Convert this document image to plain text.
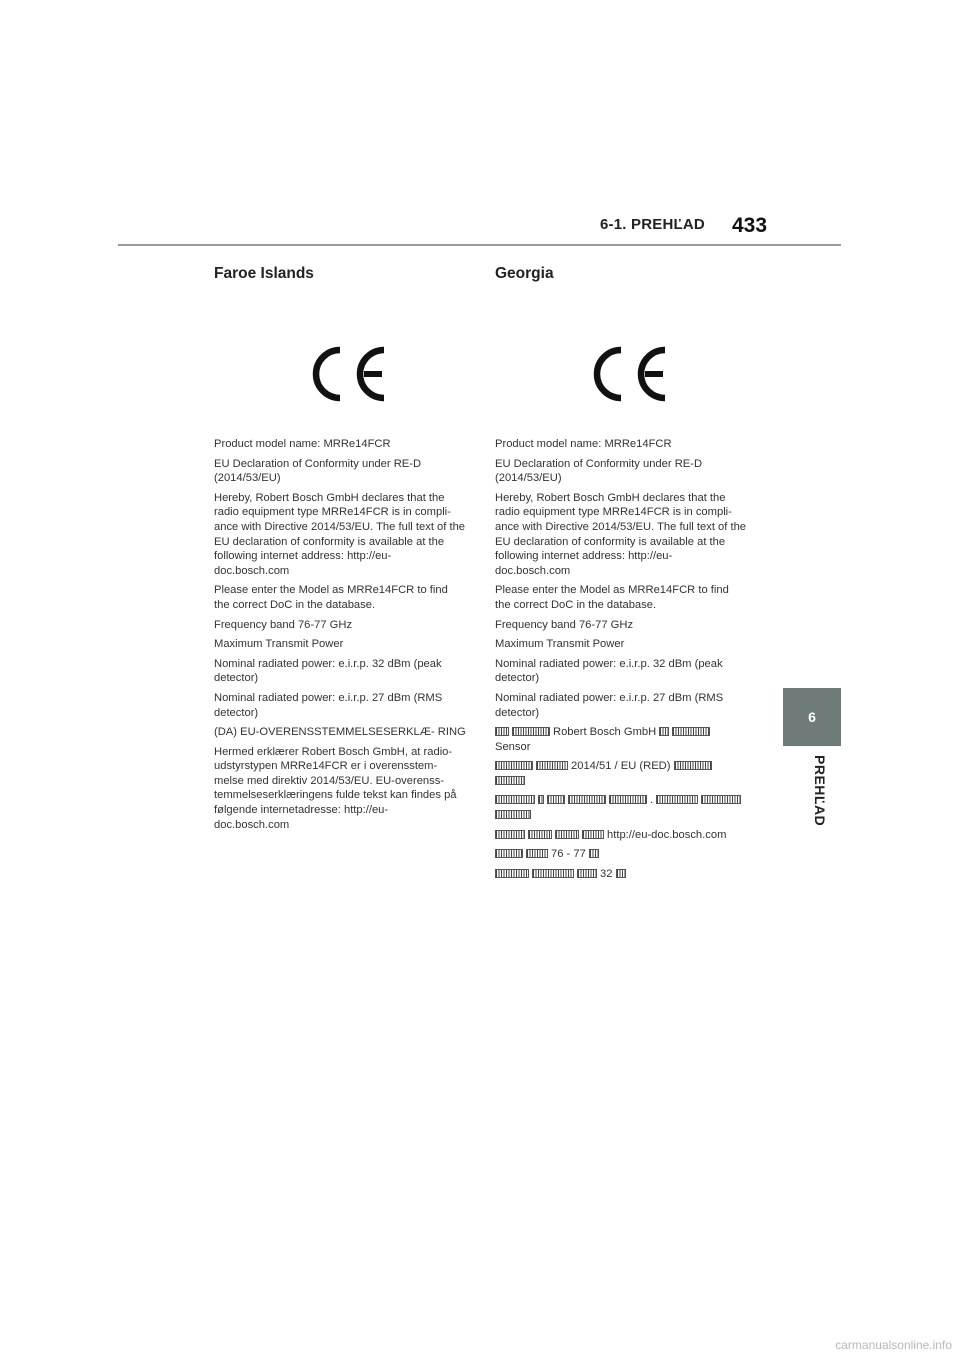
6-1. PREHĽAD 433
6
PREHĽAD
Faroe Islands

Product model name: MRRe14FCR

EU Declaration of Conformity under RE-D (2014/53/EU)

Hereby, Robert Bosch GmbH declares that the radio equipment type MRRe14FCR is in compli- ance with Directive 2014/53/EU. The full text of the EU declaration of conformity is available at the following internet address: http://eu- doc.bosch.com

Please enter the Model as MRRe14FCR to find the correct DoC in the database.

Frequency band 76-77 GHz

Maximum Transmit Power

Nominal radiated power: e.i.r.p. 32 dBm (peak detector)

Nominal radiated power: e.i.r.p. 27 dBm (RMS detector)

(DA) EU-OVERENSSTEMMELSESERKLÆ- RING

Hermed erklærer Robert Bosch GmbH, at radio- udstyrstypen MRRe14FCR er i overensstem- melse med direktiv 2014/53/EU. EU-overenss- temmelseserklæringens fulde tekst kan findes på følgende internetadresse: http://eu- doc.bosch.com

Georgia

Product model name: MRRe14FCR

EU Declaration of Conformity under RE-D (2014/53/EU)

Hereby, Robert Bosch GmbH declares that the radio equipment type MRRe14FCR is in compli- ance with Directive 2014/53/EU. The full text of the EU declaration of conformity is available at the following internet address: http://eu- doc.bosch.com

Please enter the Model as MRRe14FCR to find the correct DoC in the database.

Frequency band 76-77 GHz

Maximum Transmit Power

Nominal radiated power: e.i.r.p. 32 dBm (peak detector)

Nominal radiated power: e.i.r.p. 27 dBm (RMS detector)

Robert Bosch GmbH Sensor

2014/51 / EU (RED)

.

http://eu-doc.bosch.com

76 - 77

32

carmanualsonline.info
